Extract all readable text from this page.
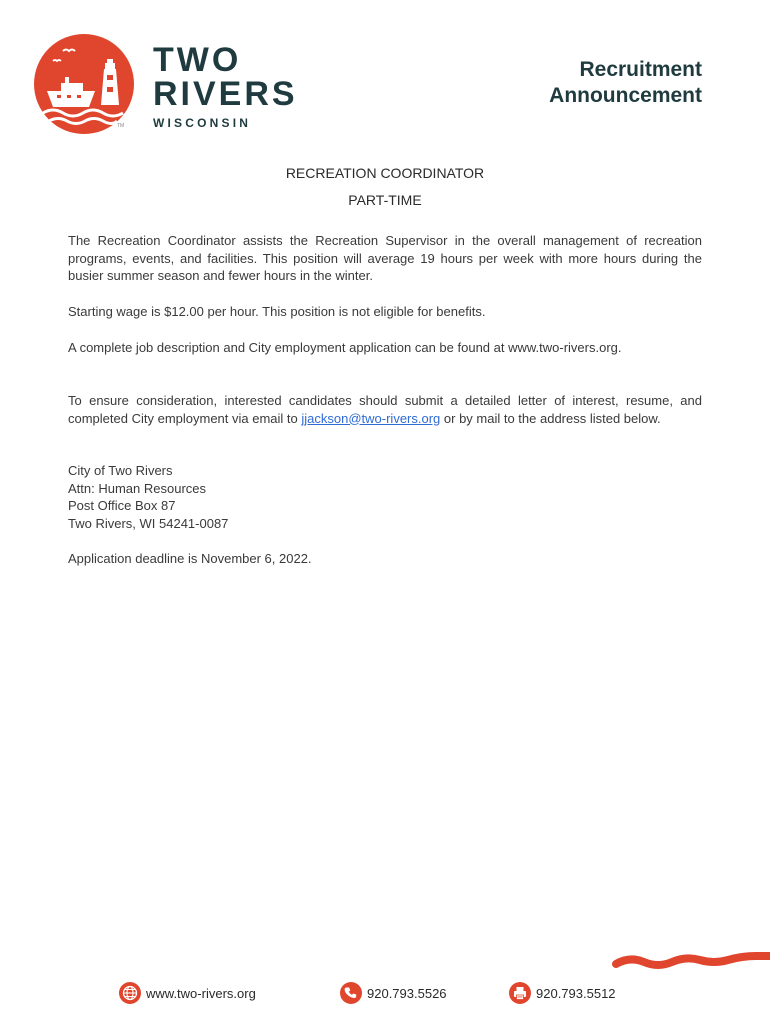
TM
TWO
RIVERS
WISCONSIN
Recruitment
Announcement
RECREATION COORDINATOR
PART-TIME
The Recreation Coordinator assists the Recreation Supervisor in the overall management of recreation programs, events, and facilities. This position will average 19 hours per week with more hours during the busier summer season and fewer hours in the winter.
Starting wage is $12.00 per hour. This position is not eligible for benefits.
A complete job description and City employment application can be found at www.two-rivers.org.
To ensure consideration, interested candidates should submit a detailed letter of interest, resume, and completed City employment via email to jjackson@two-rivers.org or by mail to the address listed below.
City of Two Rivers
Attn: Human Resources
Post Office Box 87
Two Rivers, WI 54241-0087
Application deadline is November 6, 2022.
www.two-rivers.org	920.793.5526	920.793.5512
